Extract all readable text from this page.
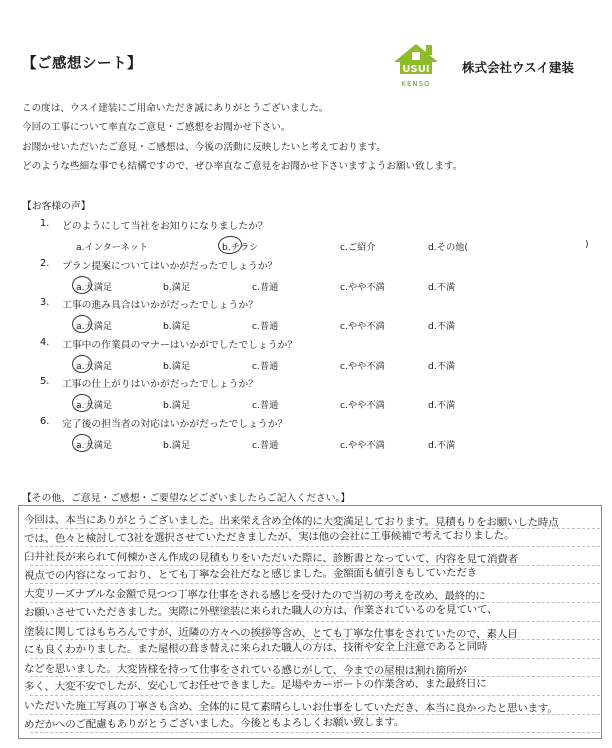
【ご感想シート】	USUI
KENSO
株式会社ウスイ建装
この度は、ウスイ建装にご用命いただき誠にありがとうございました。
今回の工事について率直なご意見・ご感想をお聞かせ下さい。
お聞かせいただいたご意見・ご感想は、今後の活動に反映したいと考えております。
どのような些細な事でも結構ですので、ぜひ率直なご意見をお聞かせ下さいますようお願い致します。
【お客様の声】
1. どのようにして当社をお知りになりましたか？
a.インターネット	b.チラシ	c.ご紹介	d.その他(	)
2. プラン提案についてはいかがだったでしょうか？
a.大満足	b.満足	c.普通	c.やや不満	d.不満
3. 工事の進み具合はいかがだったでしょうか？
a.大満足	b.満足	c.普通	c.やや不満	d.不満
4. 工事中の作業員のマナーはいかがでしたでしょうか？
a.大満足	b.満足	c.普通	c.やや不満	d.不満
5. 工事の仕上がりはいかがだったでしょうか？
a.大満足	b.満足	c.普通	c.やや不満	d.不満
6. 完了後の担当者の対応はいかがだったでしょうか？
a.大満足	b.満足	c.普通	c.やや不満	d.不満
【その他、ご意見・ご感想・ご要望などございましたらご記入ください。】
今回は、本当にありがとうございました。出来栄え含め全体的に大変満足しております。見積もりをお願いした時点
では、色々と検討して3社を選択させていただきましたが、実は他の会社に工事候補で考えておりました。
臼井社長が来られて何棟かさん作成の見積もりをいただいた際に、診断書となっていて、内容を見て消費者
視点での内容になっており、とても丁寧な会社だなと感じました。金額面も値引きもしていただき
大変リーズナブルな金額で見つつ丁寧な仕事をされる感じを受けたので当初の考えを改め、最終的に
お願いさせていただきました。実際に外壁塗装に来られた職人の方は、作業されているのを見ていて、
塗装に関してはもちろんですが、近隣の方々への挨拶等含め、とても丁寧な仕事をされていたので、素人目
にも良くわかりました。また屋根の葺き替えに来られた職人の方は、技術や安全上注意であると同時
などを思いました。大変皆様を持って仕事をされている感じがして、今までの屋根は割れ箇所が
多く、大変不安でしたが、安心してお任せできました。足場やカーポートの作業含め、また最終日に
いただいた施工写真の丁寧さも含め、全体的に見て素晴らしいお仕事をしていただき、本当に良かったと思います。
めだかへのご配慮もありがとうございました。今後ともよろしくお願い致します。
